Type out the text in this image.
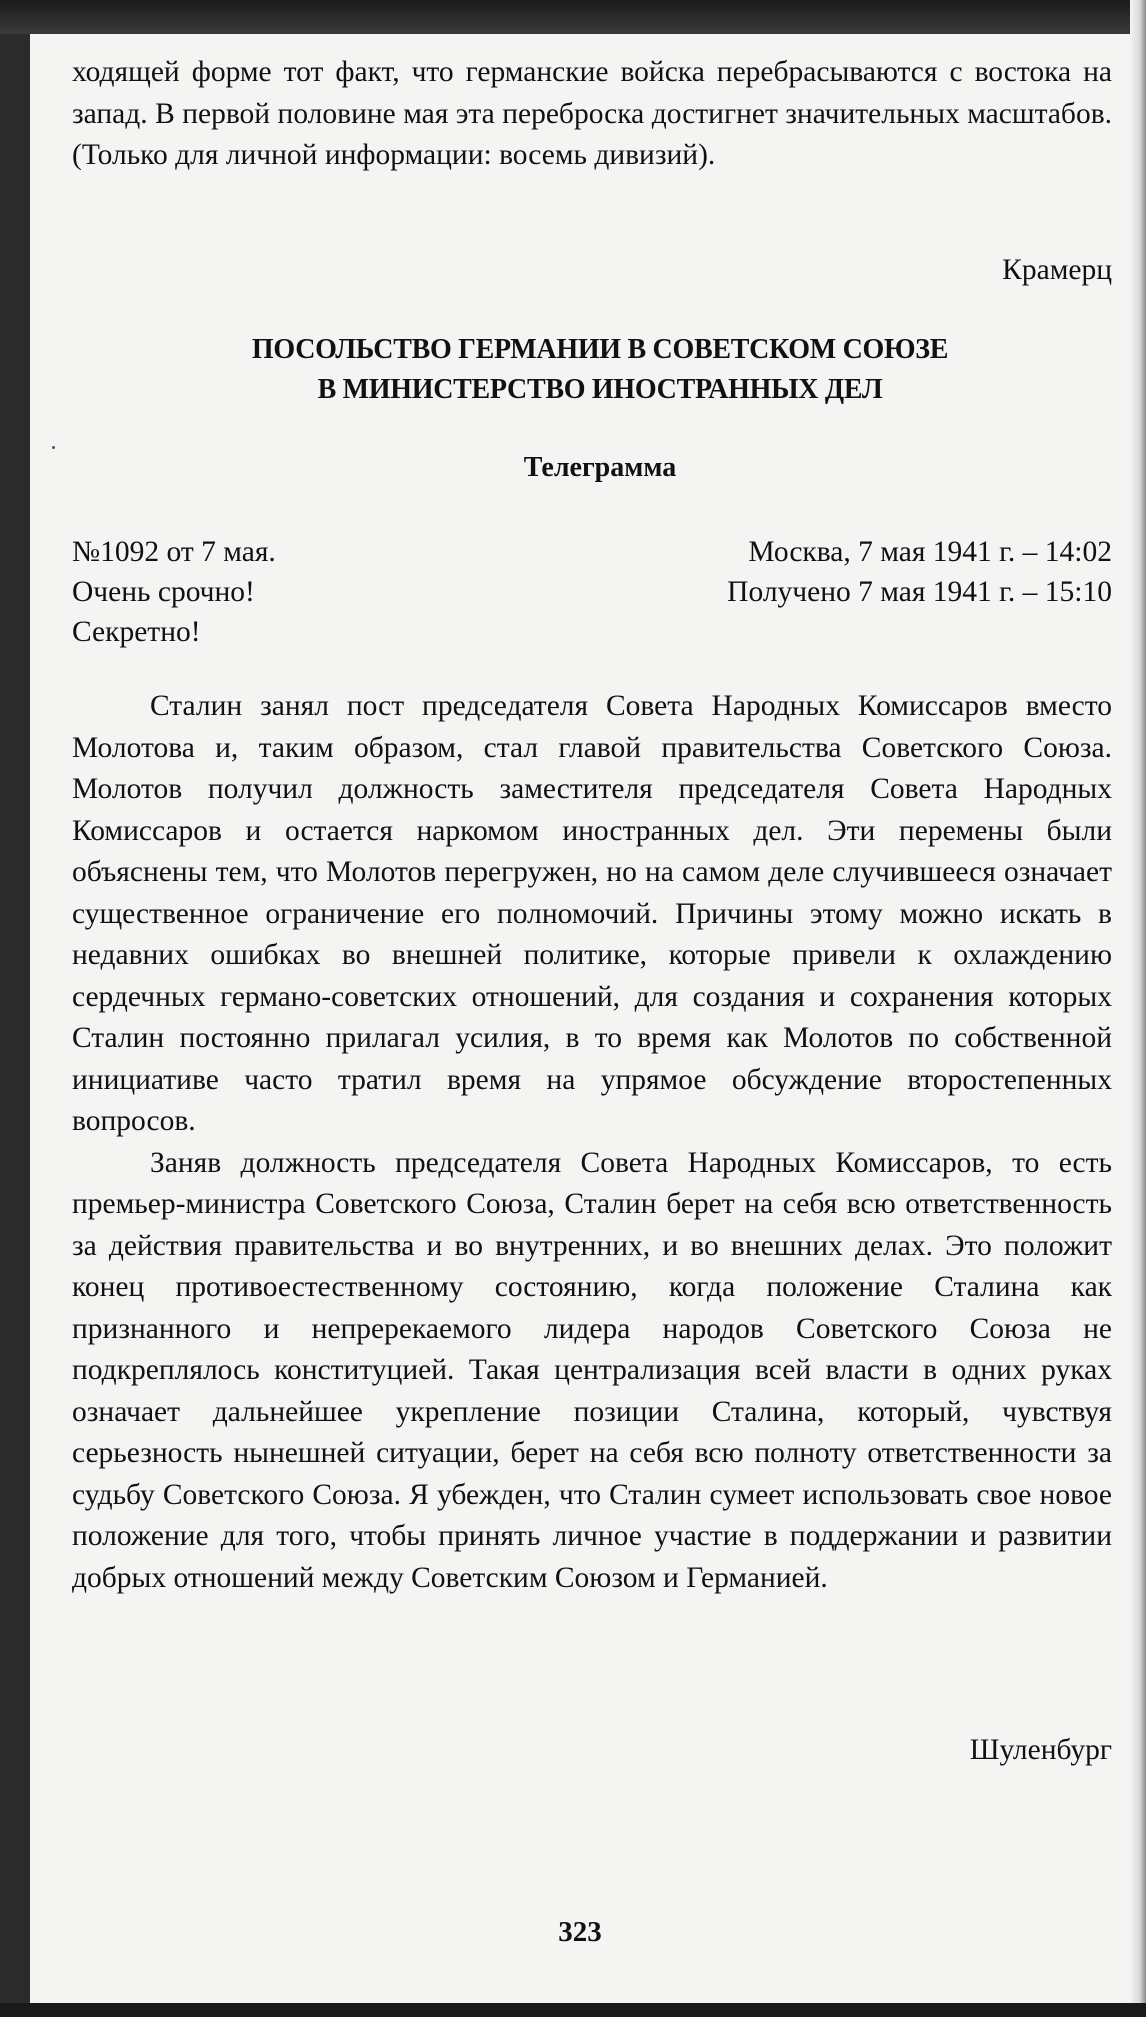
ходящей форме тот факт, что германские войска перебрасываются с востока на запад. В первой половине мая эта переброска достигнет значительных масштабов. (Только для личной информации: восемь дивизий).

Крамерц
ПОСОЛЬСТВО ГЕРМАНИИ В СОВЕТСКОМ СОЮЗЕ
В МИНИСТЕРСТВО ИНОСТРАННЫХ ДЕЛ
Телеграмма
№1092 от 7 мая.	Москва, 7 мая 1941 г. – 14:02
Очень срочно!	Получено 7 мая 1941 г. – 15:10
Секретно!

Сталин занял пост председателя Совета Народных Комиссаров вместо Молотова и, таким образом, стал главой правительства Советского Союза. Молотов получил должность заместителя председателя Совета Народных Комиссаров и остается наркомом иностранных дел. Эти перемены были объяснены тем, что Молотов перегружен, но на самом деле случившееся означает существенное ограничение его полномочий. Причины этому можно искать в недавних ошибках во внешней политике, которые привели к охлаждению сердечных германо-советских отношений, для создания и сохранения которых Сталин постоянно прилагал усилия, в то время как Молотов по собственной инициативе часто тратил время на упрямое обсуждение второстепенных вопросов.

Заняв должность председателя Совета Народных Комиссаров, то есть премьер-министра Советского Союза, Сталин берет на себя всю ответственность за действия правительства и во внутренних, и во внешних делах. Это положит конец противоестественному состоянию, когда положение Сталина как признанного и непререкаемого лидера народов Советского Союза не подкреплялось конституцией. Такая централизация всей власти в одних руках означает дальнейшее укрепление позиции Сталина, который, чувствуя серьезность нынешней ситуации, берет на себя всю полноту ответственности за судьбу Советского Союза. Я убежден, что Сталин сумеет использовать свое новое положение для того, чтобы принять личное участие в поддержании и развитии добрых отношений между Советским Союзом и Германией.

Шуленбург
323
